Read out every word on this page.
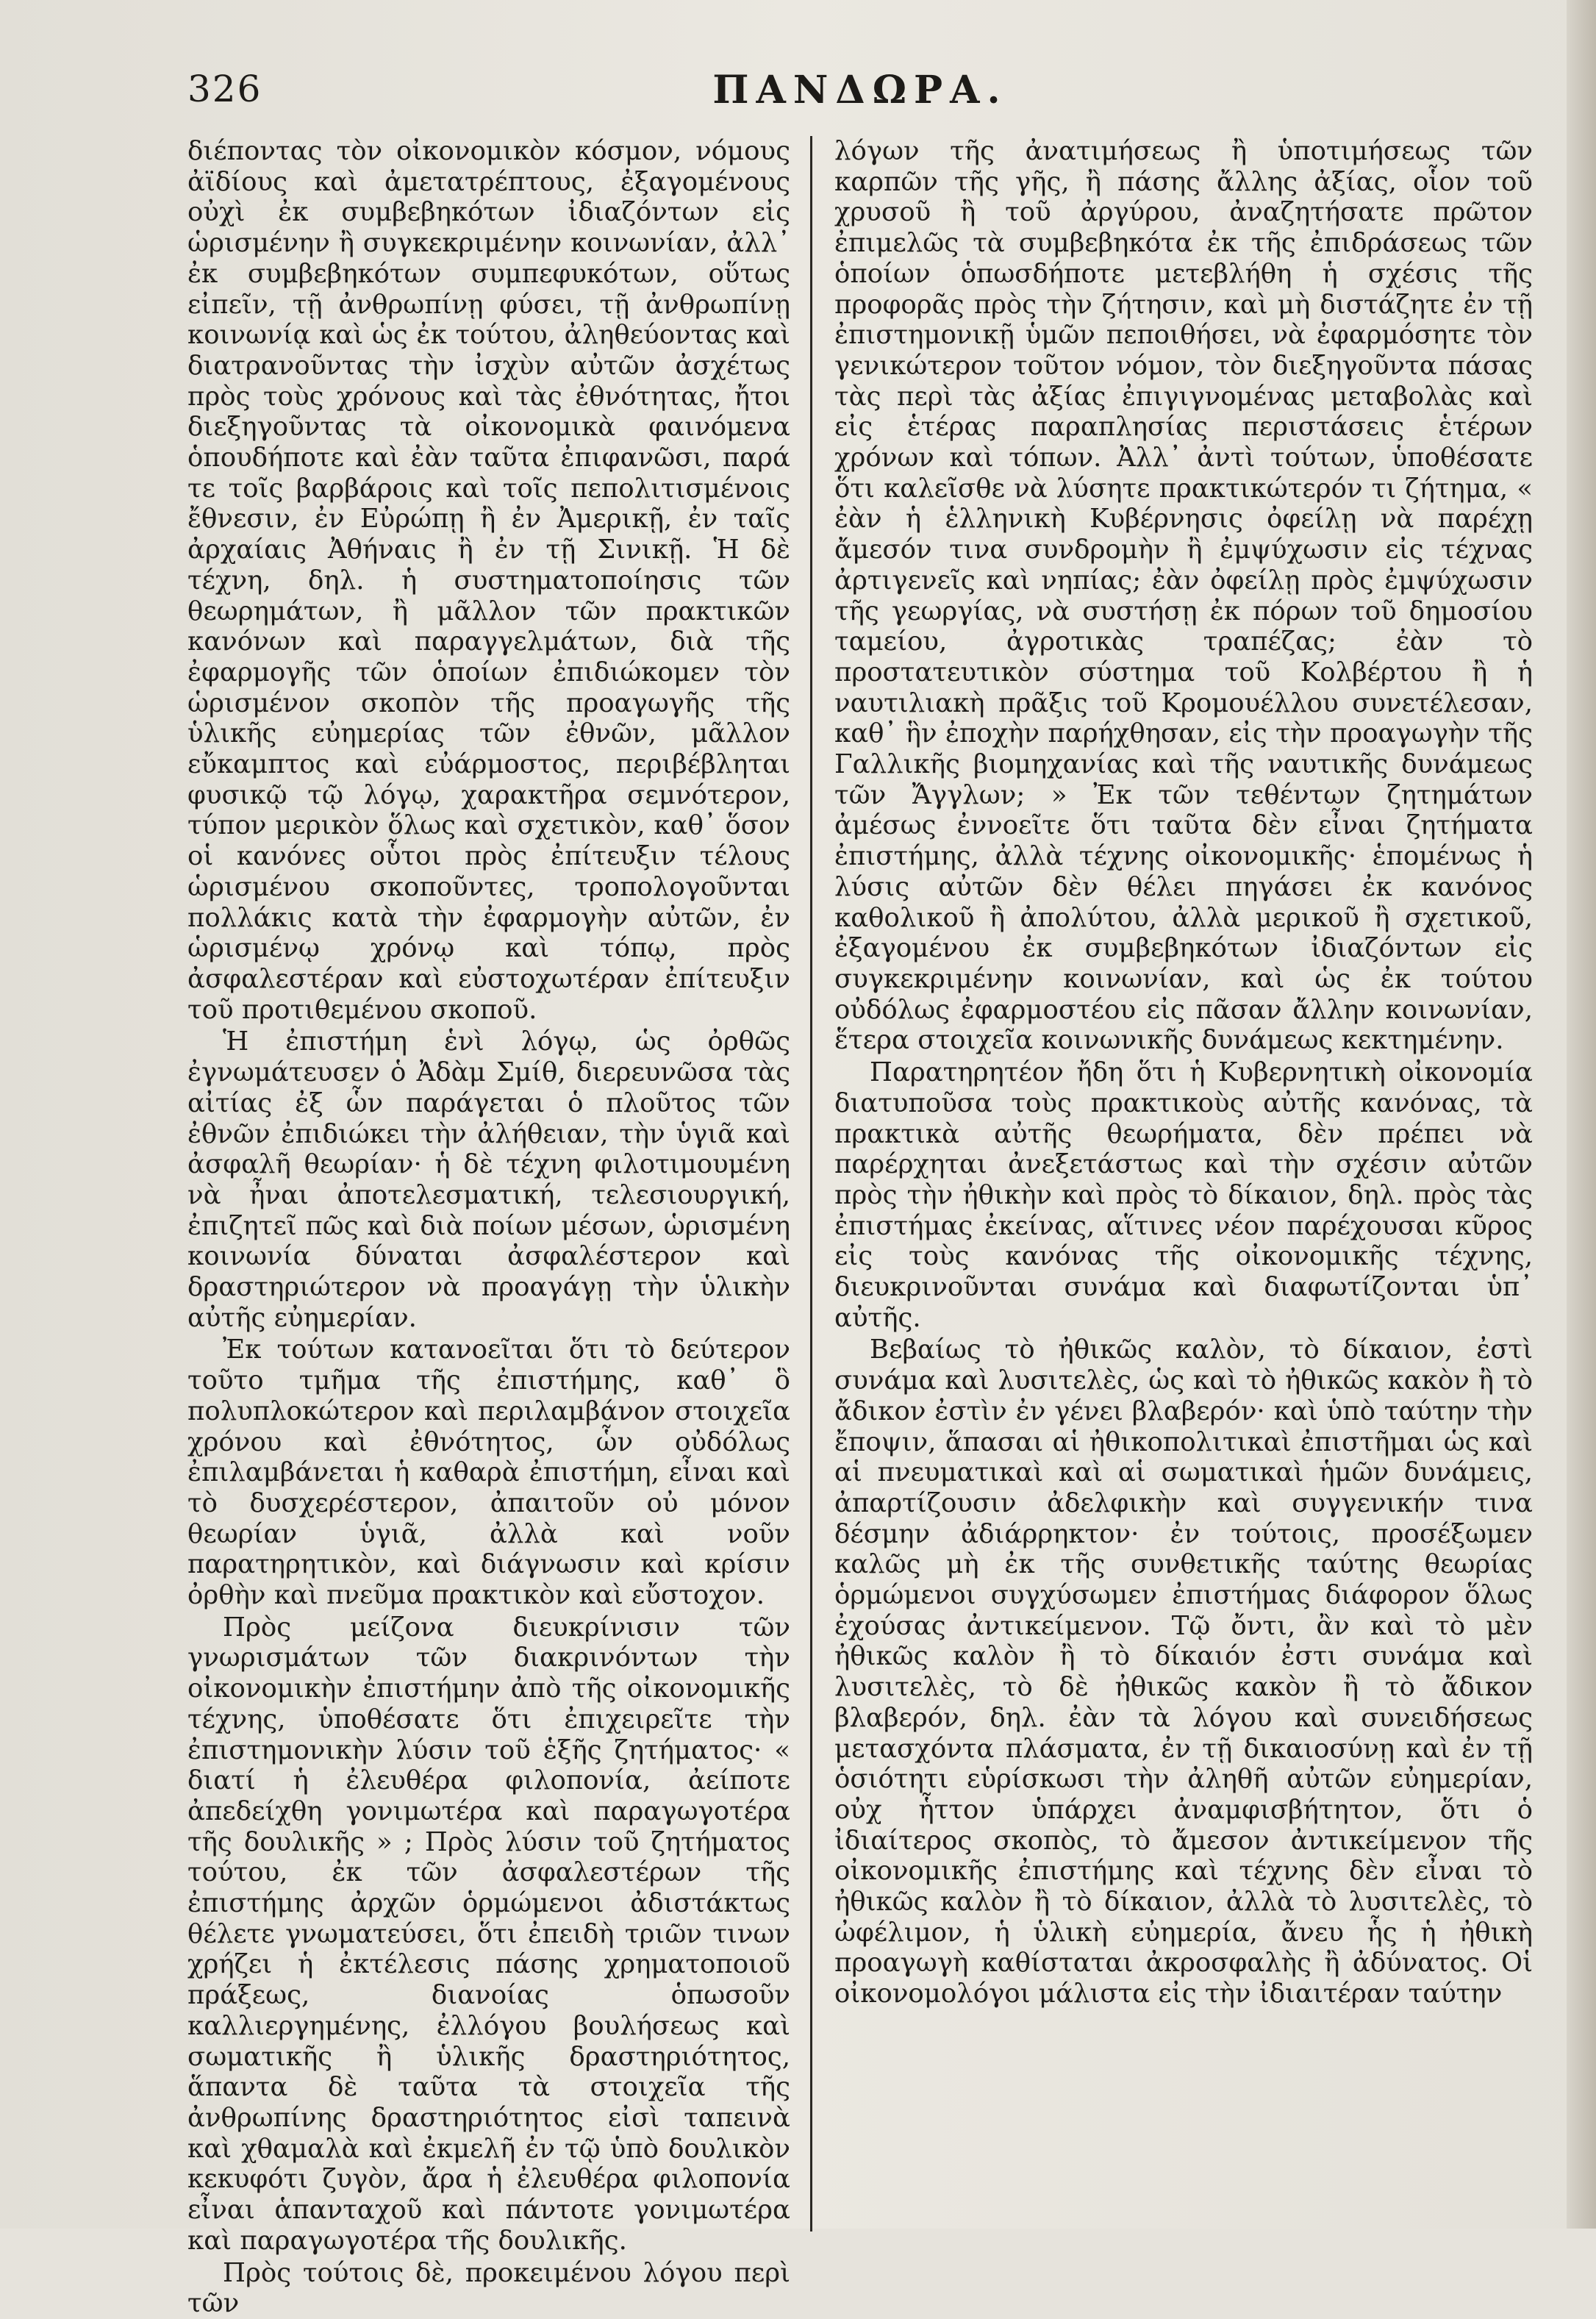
326	ΠΑΝΔΩΡΑ.

διέποντας τὸν οἰκονομικὸν κόσμον, νόμους ἀϊδίους καὶ ἀμετατρέπτους, ἐξαγομένους οὐχὶ ἐκ συμβεβηκότων ἰδιαζόντων εἰς ὡρισμένην ἢ συγκεκριμένην κοινωνίαν, ἀλλ᾽ ἐκ συμβεβηκότων συμπεφυκότων, οὕτως εἰπεῖν, τῇ ἀνθρωπίνῃ φύσει, τῇ ἀνθρωπίνῃ κοινωνίᾳ καὶ ὡς ἐκ τούτου, ἀληθεύοντας καὶ διατρανοῦντας τὴν ἰσχὺν αὐτῶν ἀσχέτως πρὸς τοὺς χρόνους καὶ τὰς ἐθνότητας, ἤτοι διεξηγοῦντας τὰ οἰκονομικὰ φαινόμενα ὁπουδήποτε καὶ ἐὰν ταῦτα ἐπιφανῶσι, παρά τε τοῖς βαρβάροις καὶ τοῖς πεπολιτισμένοις ἔθνεσιν, ἐν Εὐρώπῃ ἢ ἐν Ἀμερικῇ, ἐν ταῖς ἀρχαίαις Ἀθήναις ἢ ἐν τῇ Σινικῇ. Ἡ δὲ τέχνη, δηλ. ἡ συστηματοποίησις τῶν θεωρημάτων, ἢ μᾶλλον τῶν πρακτικῶν κανόνων καὶ παραγγελμάτων, διὰ τῆς ἐφαρμογῆς τῶν ὁποίων ἐπιδιώκομεν τὸν ὡρισμένον σκοπὸν τῆς προαγωγῆς τῆς ὑλικῆς εὐημερίας τῶν ἐθνῶν, μᾶλλον εὔκαμπτος καὶ εὐάρμοστος, περιβέβληται φυσικῷ τῷ λόγῳ, χαρακτῆρα σεμνότερον, τύπον μερικὸν ὅλως καὶ σχετικὸν, καθ᾽ ὅσον οἱ κανόνες οὗτοι πρὸς ἐπίτευξιν τέλους ὡρισμένου σκοποῦντες, τροπολογοῦνται πολλάκις κατὰ τὴν ἐφαρμογὴν αὐτῶν, ἐν ὡρισμένῳ χρόνῳ καὶ τόπῳ, πρὸς ἀσφαλεστέραν καὶ εὐστοχωτέραν ἐπίτευξιν τοῦ προτιθεμένου σκοποῦ.

Ἡ ἐπιστήμη ἑνὶ λόγῳ, ὡς ὀρθῶς ἐγνωμάτευσεν ὁ Ἀδὰμ Σμίθ, διερευνῶσα τὰς αἰτίας ἐξ ὧν παράγεται ὁ πλοῦτος τῶν ἐθνῶν ἐπιδιώκει τὴν ἀλήθειαν, τὴν ὑγιᾶ καὶ ἀσφαλῆ θεωρίαν· ἡ δὲ τέχνη φιλοτιμουμένη νὰ ἦναι ἀποτελεσματική, τελεσιουργική, ἐπιζητεῖ πῶς καὶ διὰ ποίων μέσων, ὡρισμένη κοινωνία δύναται ἀσφαλέστερον καὶ δραστηριώτερον νὰ προαγάγῃ τὴν ὑλικὴν αὐτῆς εὐημερίαν.

Ἐκ τούτων κατανοεῖται ὅτι τὸ δεύτερον τοῦτο τμῆμα τῆς ἐπιστήμης, καθ᾽ ὃ πολυπλοκώτερον καὶ περιλαμβάνον στοιχεῖα χρόνου καὶ ἐθνότητος, ὧν οὐδόλως ἐπιλαμβάνεται ἡ καθαρὰ ἐπιστήμη, εἶναι καὶ τὸ δυσχερέστερον, ἀπαιτοῦν οὐ μόνον θεωρίαν ὑγιᾶ, ἀλλὰ καὶ νοῦν παρατηρητικὸν, καὶ διάγνωσιν καὶ κρίσιν ὀρθὴν καὶ πνεῦμα πρακτικὸν καὶ εὔστοχον.

Πρὸς μείζονα διευκρίνισιν τῶν γνωρισμάτων τῶν διακρινόντων τὴν οἰκονομικὴν ἐπιστήμην ἀπὸ τῆς οἰκονομικῆς τέχνης, ὑποθέσατε ὅτι ἐπιχειρεῖτε τὴν ἐπιστημονικὴν λύσιν τοῦ ἑξῆς ζητήματος· « διατί ἡ ἐλευθέρα φιλοπονία, ἀείποτε ἀπεδείχθη γονιμωτέρα καὶ παραγωγοτέρα τῆς δουλικῆς » ; Πρὸς λύσιν τοῦ ζητήματος τούτου, ἐκ τῶν ἀσφαλεστέρων τῆς ἐπιστήμης ἀρχῶν ὁρμώμενοι ἀδιστάκτως θέλετε γνωματεύσει, ὅτι ἐπειδὴ τριῶν τινων χρήζει ἡ ἐκτέλεσις πάσης χρηματοποιοῦ πράξεως, διανοίας ὁπωσοῦν καλλιεργημένης, ἐλλόγου βουλήσεως καὶ σωματικῆς ἢ ὑλικῆς δραστηριότητος, ἅπαντα δὲ ταῦτα τὰ στοιχεῖα τῆς ἀνθρωπίνης δραστηριότητος εἰσὶ ταπεινὰ καὶ χθαμαλὰ καὶ ἐκμελῆ ἐν τῷ ὑπὸ δουλικὸν κεκυφότι ζυγὸν, ἄρα ἡ ἐλευθέρα φιλοπονία εἶναι ἁπανταχοῦ καὶ πάντοτε γονιμωτέρα καὶ παραγωγοτέρα τῆς δουλικῆς.

Πρὸς τούτοις δὲ, προκειμένου λόγου περὶ τῶν

λόγων τῆς ἀνατιμήσεως ἢ ὑποτιμήσεως τῶν καρπῶν τῆς γῆς, ἢ πάσης ἄλλης ἀξίας, οἷον τοῦ χρυσοῦ ἢ τοῦ ἀργύρου, ἀναζητήσατε πρῶτον ἐπιμελῶς τὰ συμβεβηκότα ἐκ τῆς ἐπιδράσεως τῶν ὁποίων ὁπωσδήποτε μετεβλήθη ἡ σχέσις τῆς προφορᾶς πρὸς τὴν ζήτησιν, καὶ μὴ διστάζητε ἐν τῇ ἐπιστημονικῇ ὑμῶν πεποιθήσει, νὰ ἐφαρμόσητε τὸν γενικώτερον τοῦτον νόμον, τὸν διεξηγοῦντα πάσας τὰς περὶ τὰς ἀξίας ἐπιγιγνομένας μεταβολὰς καὶ εἰς ἑτέρας παραπλησίας περιστάσεις ἑτέρων χρόνων καὶ τόπων. Ἀλλ᾽ ἀντὶ τούτων, ὑποθέσατε ὅτι καλεῖσθε νὰ λύσητε πρακτικώτερόν τι ζήτημα, « ἐὰν ἡ ἑλληνικὴ Κυβέρνησις ὀφείλῃ νὰ παρέχῃ ἄμεσόν τινα συνδρομὴν ἢ ἐμψύχωσιν εἰς τέχνας ἀρτιγενεῖς καὶ νηπίας; ἐὰν ὀφείλῃ πρὸς ἐμψύχωσιν τῆς γεωργίας, νὰ συστήσῃ ἐκ πόρων τοῦ δημοσίου ταμείου, ἀγροτικὰς τραπέζας; ἐὰν τὸ προστατευτικὸν σύστημα τοῦ Κολβέρτου ἢ ἡ ναυτιλιακὴ πρᾶξις τοῦ Κρομουέλλου συνετέλεσαν, καθ᾽ ἣν ἐποχὴν παρήχθησαν, εἰς τὴν προαγωγὴν τῆς Γαλλικῆς βιομηχανίας καὶ τῆς ναυτικῆς δυνάμεως τῶν Ἄγγλων; » Ἐκ τῶν τεθέντων ζητημάτων ἀμέσως ἐννοεῖτε ὅτι ταῦτα δὲν εἶναι ζητήματα ἐπιστήμης, ἀλλὰ τέχνης οἰκονομικῆς· ἑπομένως ἡ λύσις αὐτῶν δὲν θέλει πηγάσει ἐκ κανόνος καθολικοῦ ἢ ἀπολύτου, ἀλλὰ μερικοῦ ἢ σχετικοῦ, ἐξαγομένου ἐκ συμβεβηκότων ἰδιαζόντων εἰς συγκεκριμένην κοινωνίαν, καὶ ὡς ἐκ τούτου οὐδόλως ἐφαρμοστέου εἰς πᾶσαν ἄλλην κοινωνίαν, ἕτερα στοιχεῖα κοινωνικῆς δυνάμεως κεκτημένην.

Παρατηρητέον ἤδη ὅτι ἡ Κυβερνητικὴ οἰκονομία διατυποῦσα τοὺς πρακτικοὺς αὐτῆς κανόνας, τὰ πρακτικὰ αὐτῆς θεωρήματα, δὲν πρέπει νὰ παρέρχηται ἀνεξετάστως καὶ τὴν σχέσιν αὐτῶν πρὸς τὴν ἠθικὴν καὶ πρὸς τὸ δίκαιον, δηλ. πρὸς τὰς ἐπιστήμας ἐκείνας, αἵτινες νέον παρέχουσαι κῦρος εἰς τοὺς κανόνας τῆς οἰκονομικῆς τέχνης, διευκρινοῦνται συνάμα καὶ διαφωτίζονται ὑπ᾽ αὐτῆς.

Βεβαίως τὸ ἠθικῶς καλὸν, τὸ δίκαιον, ἐστὶ συνάμα καὶ λυσιτελὲς, ὡς καὶ τὸ ἠθικῶς κακὸν ἢ τὸ ἄδικον ἐστὶν ἐν γένει βλαβερόν· καὶ ὑπὸ ταύτην τὴν ἔποψιν, ἅπασαι αἱ ἠθικοπολιτικαὶ ἐπιστῆμαι ὡς καὶ αἱ πνευματικαὶ καὶ αἱ σωματικαὶ ἡμῶν δυνάμεις, ἀπαρτίζουσιν ἀδελφικὴν καὶ συγγενικήν τινα δέσμην ἀδιάρρηκτον· ἐν τούτοις, προσέξωμεν καλῶς μὴ ἐκ τῆς συνθετικῆς ταύτης θεωρίας ὁρμώμενοι συγχύσωμεν ἐπιστήμας διάφορον ὅλως ἐχούσας ἀντικείμενον. Τῷ ὄντι, ἂν καὶ τὸ μὲν ἠθικῶς καλὸν ἢ τὸ δίκαιόν ἐστι συνάμα καὶ λυσιτελὲς, τὸ δὲ ἠθικῶς κακὸν ἢ τὸ ἄδικον βλαβερόν, δηλ. ἐὰν τὰ λόγου καὶ συνειδήσεως μετασχόντα πλάσματα, ἐν τῇ δικαιοσύνῃ καὶ ἐν τῇ ὁσιότητι εὑρίσκωσι τὴν ἀληθῆ αὐτῶν εὐημερίαν, οὐχ ἧττον ὑπάρχει ἀναμφισβήτητον, ὅτι ὁ ἰδιαίτερος σκοπὸς, τὸ ἄμεσον ἀντικείμενον τῆς οἰκονομικῆς ἐπιστήμης καὶ τέχνης δὲν εἶναι τὸ ἠθικῶς καλὸν ἢ τὸ δίκαιον, ἀλλὰ τὸ λυσιτελὲς, τὸ ὠφέλιμον, ἡ ὑλικὴ εὐημερία, ἄνευ ἧς ἡ ἠθικὴ προαγωγὴ καθίσταται ἀκροσφαλὴς ἢ ἀδύνατος. Οἱ οἰκονομολόγοι μάλιστα εἰς τὴν ἰδιαιτέραν ταύτην
